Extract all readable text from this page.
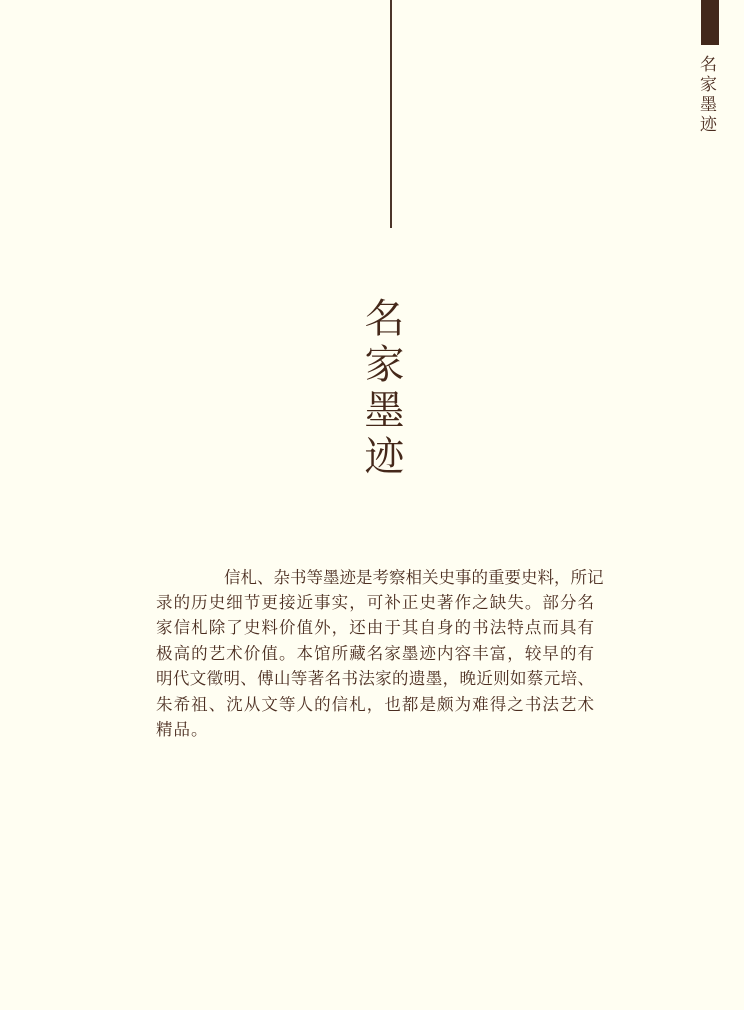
名家墨迹
名家墨迹
信 札 、 杂 书 等 墨 迹 是 考 察 相 关 史 事 的 重 要 史 料 ， 所 记
录 的 历 史 细 节 更 接 近 事 实 ， 可 补 正 史 著 作 之 缺 失 。 部 分 名
家 信 札 除 了 史 料 价 值 外 ， 还 由 于 其 自 身 的 书 法 特 点 而 具 有
极 高 的 艺 术 价 值 。 本 馆 所 藏 名 家 墨 迹 内 容 丰 富 ， 较 早 的 有
明 代 文 徵 明 、 傅 山 等 著 名 书 法 家 的 遗 墨 ， 晚 近 则 如 蔡 元 培 、
朱 希 祖 、 沈 从 文 等 人 的 信 札 ， 也 都 是 颇 为 难 得 之 书 法 艺 术
精 品 。
